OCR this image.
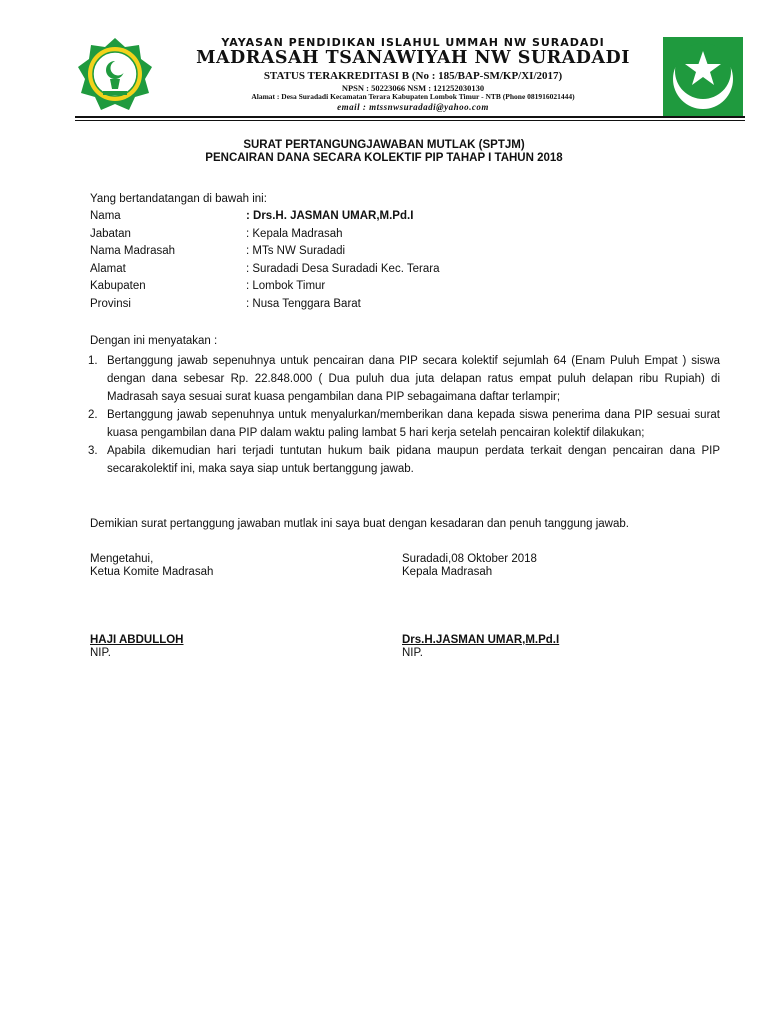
YAYASAN PENDIDIKAN ISLAHUL UMMAH NW SURADADI
MADRASAH TSANAWIYAH NW SURADADI
STATUS TERAKREDITASI B (No : 185/BAP-SM/KP/XI/2017)
NPSN : 50223066 NSM : 121252030130
Alamat : Desa Suradadi Kecamatan Terara Kabupaten Lombok Timur - NTB (Phone 081916021444)
email : mtssnwsuradadi@yahoo.com
SURAT PERTANGUNGJAWABAN MUTLAK (SPTJM)
PENCAIRAN DANA SECARA KOLEKTIF PIP TAHAP I TAHUN 2018
Yang bertandatangan di bawah ini:
Nama	: Drs.H. JASMAN UMAR,M.Pd.I
Jabatan	: Kepala Madrasah
Nama Madrasah	: MTs NW Suradadi
Alamat	: Suradadi Desa Suradadi Kec. Terara
Kabupaten	: Lombok Timur
Provinsi	: Nusa Tenggara Barat
Dengan ini menyatakan :
1. Bertanggung jawab sepenuhnya untuk pencairan dana PIP secara kolektif sejumlah 64 (Enam Puluh Empat ) siswa dengan dana sebesar Rp. 22.848.000 ( Dua puluh dua juta delapan ratus empat puluh delapan ribu Rupiah) di Madrasah saya sesuai surat kuasa pengambilan dana PIP sebagaimana daftar terlampir;
2. Bertanggung jawab sepenuhnya untuk menyalurkan/memberikan dana kepada siswa penerima dana PIP sesuai surat kuasa pengambilan dana PIP dalam waktu paling lambat 5 hari kerja setelah pencairan kolektif dilakukan;
3. Apabila dikemudian hari terjadi tuntutan hukum baik pidana maupun perdata terkait dengan pencairan dana PIP secarakolektif ini, maka saya siap untuk bertanggung jawab.
Demikian surat pertanggung jawaban mutlak ini saya buat dengan kesadaran dan penuh tanggung jawab.
Mengetahui,
Ketua Komite Madrasah
Suradadi,08 Oktober 2018
Kepala Madrasah
HAJI ABDULLOH
NIP.
Drs.H.JASMAN UMAR,M.Pd.I
NIP.
